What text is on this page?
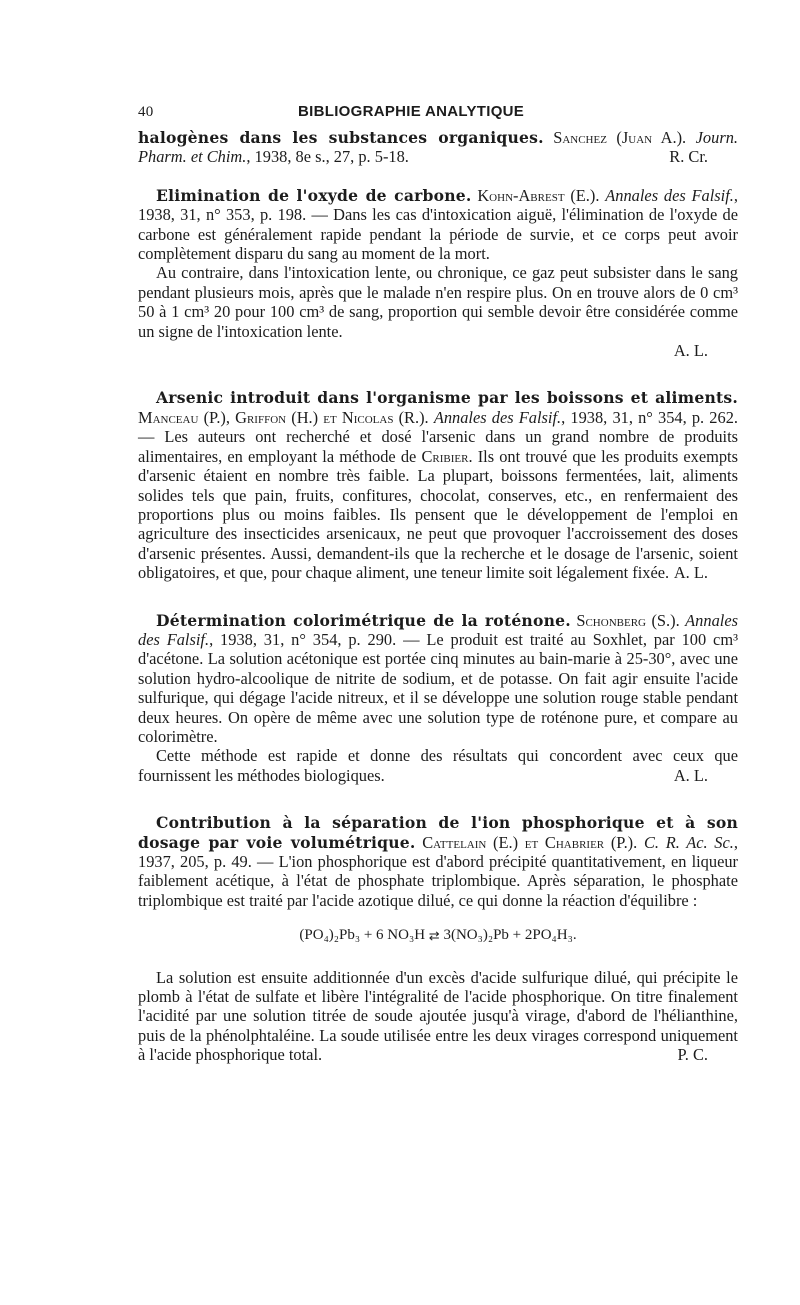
40	BIBLIOGRAPHIE ANALYTIQUE

halogènes dans les substances organiques. Sanchez (Juan A.). Journ. Pharm. et Chim., 1938, 8e s., 27, p. 5-18.	R. Cr.

Elimination de l'oxyde de carbone. Kohn-Abrest (E.). Annales des Falsif., 1938, 31, n° 353, p. 198. — Dans les cas d'intoxication aiguë, l'élimination de l'oxyde de carbone est généralement rapide pendant la période de survie, et ce corps peut avoir complètement disparu du sang au moment de la mort.

Au contraire, dans l'intoxication lente, ou chronique, ce gaz peut subsister dans le sang pendant plusieurs mois, après que le malade n'en respire plus. On en trouve alors de 0 cm³ 50 à 1 cm³ 20 pour 100 cm³ de sang, proportion qui semble devoir être considérée comme un signe de l'intoxication lente.

A. L.

Arsenic introduit dans l'organisme par les boissons et aliments. Manceau (P.), Griffon (H.) et Nicolas (R.). Annales des Falsif., 1938, 31, n° 354, p. 262. — Les auteurs ont recherché et dosé l'arsenic dans un grand nombre de produits alimentaires, en employant la méthode de Cribier. Ils ont trouvé que les produits exempts d'arsenic étaient en nombre très faible. La plupart, boissons fermentées, lait, aliments solides tels que pain, fruits, confitures, chocolat, conserves, etc., en renfermaient des proportions plus ou moins faibles. Ils pensent que le développement de l'emploi en agriculture des insecticides arsenicaux, ne peut que provoquer l'accroissement des doses d'arsenic présentes. Aussi, demandent-ils que la recherche et le dosage de l'arsenic, soient obligatoires, et que, pour chaque aliment, une teneur limite soit légalement fixée. A. L.

Détermination colorimétrique de la roténone. Schonberg (S.). Annales des Falsif., 1938, 31, n° 354, p. 290. — Le produit est traité au Soxhlet, par 100 cm³ d'acétone. La solution acétonique est portée cinq minutes au bain-marie à 25-30°, avec une solution hydro-alcoolique de nitrite de sodium, et de potasse. On fait agir ensuite l'acide sulfurique, qui dégage l'acide nitreux, et il se développe une solution rouge stable pendant deux heures. On opère de même avec une solution type de roténone pure, et compare au colorimètre.

Cette méthode est rapide et donne des résultats qui concordent avec ceux que fournissent les méthodes biologiques.	A. L.

Contribution à la séparation de l'ion phosphorique et à son dosage par voie volumétrique. Cattelain (E.) et Chabrier (P.). C. R. Ac. Sc., 1937, 205, p. 49. — L'ion phosphorique est d'abord précipité quantitativement, en liqueur faiblement acétique, à l'état de phosphate triplombique. Après séparation, le phosphate triplombique est traité par l'acide azotique dilué, ce qui donne la réaction d'équilibre :

(PO₄)₂Pb₃ + 6 NO₃H ⇄ 3(NO₃)₂Pb + 2PO₄H₃.

La solution est ensuite additionnée d'un excès d'acide sulfurique dilué, qui précipite le plomb à l'état de sulfate et libère l'intégralité de l'acide phosphorique. On titre finalement l'acidité par une solution titrée de soude ajoutée jusqu'à virage, d'abord de l'hélianthine, puis de la phénolphtaléine. La soude utilisée entre les deux virages correspond uniquement à l'acide phosphorique total.	P. C.
